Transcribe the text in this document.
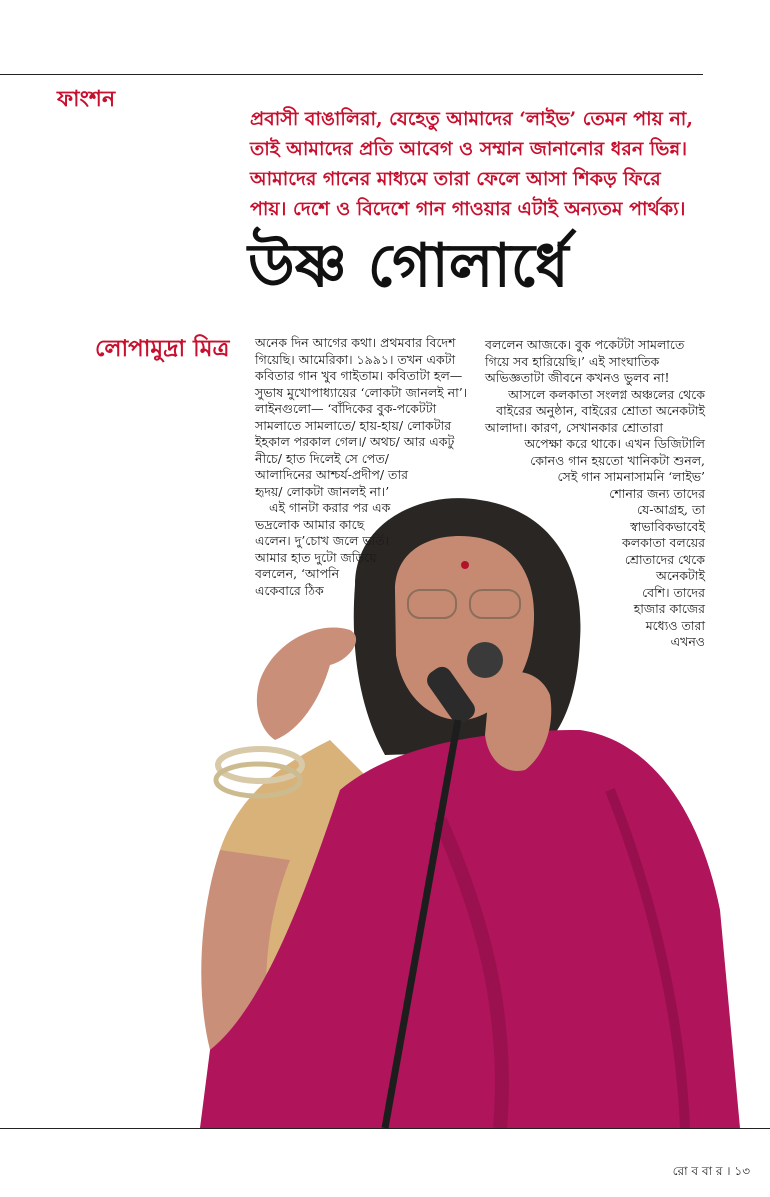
ফাংশন

প্রবাসী বাঙালিরা, যেহেতু আমাদের ‘লাইভ’ তেমন পায় না,
তাই আমাদের প্রতি আবেগ ও সম্মান জানানোর ধরন ভিন্ন।
আমাদের গানের মাধ্যমে তারা ফেলে আসা শিকড় ফিরে
পায়। দেশে ও বিদেশে গান গাওয়ার এটাই অন্যতম পার্থক্য।

উষ্ণ গোলার্ধে

লোপামুদ্রা মিত্র অনেক দিন আগের কথা। প্রথমবার বিদেশ
গিয়েছি। আমেরিকা। ১৯৯১। তখন একটা
কবিতার গান খুব গাইতাম। কবিতাটা হল—
সুভাষ মুখোপাধ্যায়ের ‘লোকটা জানলই না’।
লাইনগুলো— ‘বাঁদিকের বুক-পকেটটা
সামলাতে সামলাতে/ হায়-হায়/ লোকটার
ইহকাল পরকাল গেল।/ অথচ/ আর একটু
নীচে/ হাত দিলেই সে পেত/
আলাদিনের আশ্চর্য-প্রদীপ/ তার
হৃদয়/ লোকটা জানলই না।’
এই গানটা করার পর এক
ভদ্রলোক আমার কাছে
এলেন। দু’চোখ জলে ভর্তি।
আমার হাত দুটো জড়িয়ে
বললেন, ‘আপনি
একেবারে ঠিক
বললেন আজকে। বুক পকেটটা সামলাতে
গিয়ে সব হারিয়েছি।’ এই সাংঘাতিক
অভিজ্ঞতাটা জীবনে কখনও ভুলব না!
আসলে কলকাতা সংলগ্ন অঞ্চলের থেকে
বাইরের অনুষ্ঠান, বাইরের শ্রোতা অনেকটাই
আলাদা। কারণ, সেখানকার শ্রোতারা
অপেক্ষা করে থাকে। এখন ডিজিটালি
কোনও গান হয়তো খানিকটা শুনল,
সেই গান সামনাসামনি ‘লাইভ’
শোনার জন্য তাদের
যে-আগ্রহ, তা
স্বাভাবিকভাবেই
কলকাতা বলয়ের
শ্রোতাদের থেকে
অনেকটাই
বেশি। তাদের
হাজার কাজের
মধ্যেও তারা
এখনও

রো ব বা র । ১৩
